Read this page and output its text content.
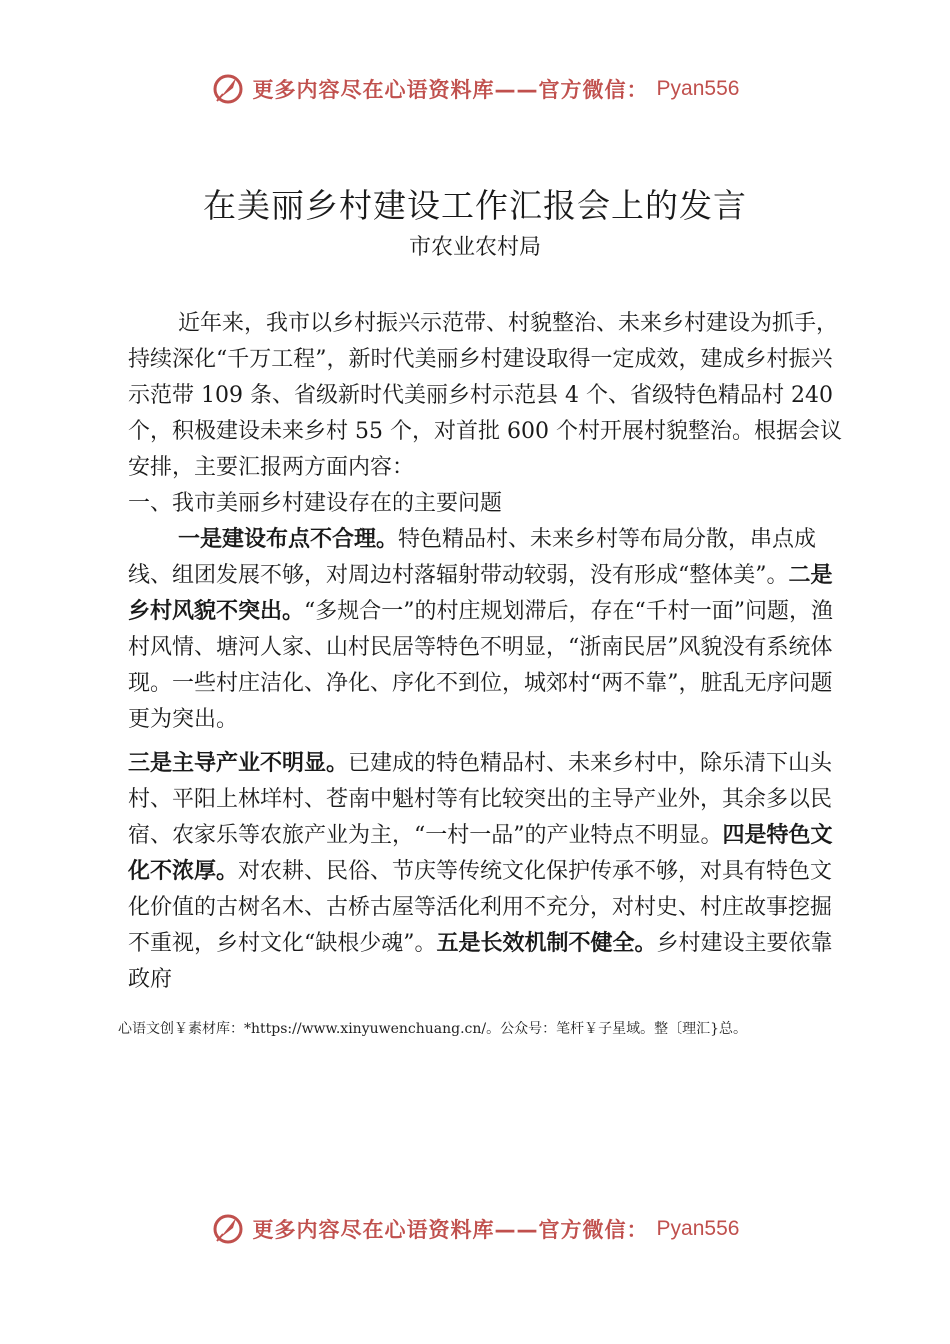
更多内容尽在心语资料库——官方微信： Pyan556
在美丽乡村建设工作汇报会上的发言
市农业农村局

近年来，我市以乡村振兴示范带、村貌整治、未来乡村建设为抓手，持续深化“千万工程”，新时代美丽乡村建设取得一定成效，建成乡村振兴示范带 109 条、省级新时代美丽乡村示范县 4 个、省级特色精品村 240 个，积极建设未来乡村 55 个，对首批 600 个村开展村貌整治。根据会议安排，主要汇报两方面内容：

一、我市美丽乡村建设存在的主要问题

一是建设布点不合理。特色精品村、未来乡村等布局分散，串点成线、组团发展不够，对周边村落辐射带动较弱，没有形成“整体美”。二是乡村风貌不突出。“多规合一”的村庄规划滞后，存在“千村一面”问题，渔村风情、塘河人家、山村民居等特色不明显，“浙南民居”风貌没有系统体现。一些村庄洁化、净化、序化不到位，城郊村“两不靠”，脏乱无序问题更为突出。

三是主导产业不明显。已建成的特色精品村、未来乡村中，除乐清下山头村、平阳上林垟村、苍南中魁村等有比较突出的主导产业外，其余多以民宿、农家乐等农旅产业为主，“一村一品”的产业特点不明显。四是特色文化不浓厚。对农耕、民俗、节庆等传统文化保护传承不够，对具有特色文化价值的古树名木、古桥古屋等活化利用不充分，对村史、村庄故事挖掘不重视，乡村文化“缺根少魂”。五是长效机制不健全。乡村建设主要依靠政府

心语文创￥素材库：*https://www.xinyuwenchuang.cn/。公众号：笔杆￥子星域。整〔理汇}总。
更多内容尽在心语资料库——官方微信： Pyan556
